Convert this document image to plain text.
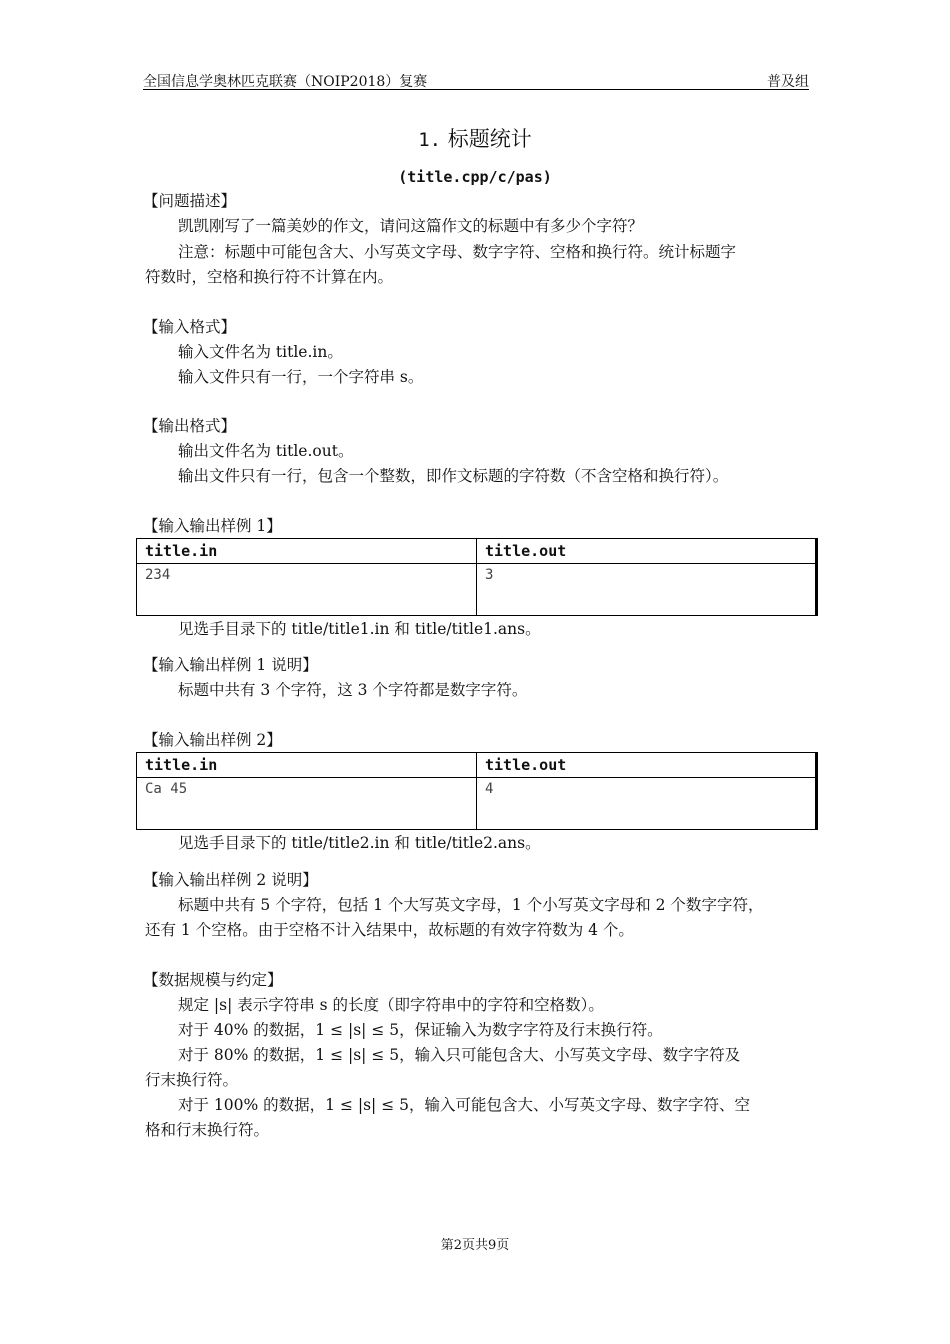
全国信息学奥林匹克联赛（NOIP2018）复赛	普及组
1. 标题统计
(title.cpp/c/pas)
【问题描述】
凯凯刚写了一篇美妙的作文，请问这篇作文的标题中有多少个字符？
注意：标题中可能包含大、小写英文字母、数字字符、空格和换行符。统计标题字
符数时，空格和换行符不计算在内。
【输入格式】
输入文件名为 title.in。
输入文件只有一行，一个字符串 s。
【输出格式】
输出文件名为 title.out。
输出文件只有一行，包含一个整数，即作文标题的字符数（不含空格和换行符）。
【输入输出样例 1】
title.in	title.out
234	3
见选手目录下的 title/title1.in 和 title/title1.ans。
【输入输出样例 1 说明】
标题中共有 3 个字符，这 3 个字符都是数字字符。
【输入输出样例 2】
title.in	title.out
Ca 45	4
见选手目录下的 title/title2.in 和 title/title2.ans。
【输入输出样例 2 说明】
标题中共有 5 个字符，包括 1 个大写英文字母，1 个小写英文字母和 2 个数字字符，
还有 1 个空格。由于空格不计入结果中，故标题的有效字符数为 4 个。
【数据规模与约定】
规定 |s| 表示字符串 s 的长度（即字符串中的字符和空格数）。
对于 40% 的数据，1 ≤ |s| ≤ 5，保证输入为数字字符及行末换行符。
对于 80% 的数据，1 ≤ |s| ≤ 5，输入只可能包含大、小写英文字母、数字字符及
行末换行符。
对于 100% 的数据，1 ≤ |s| ≤ 5，输入可能包含大、小写英文字母、数字字符、空
格和行末换行符。
第2页共9页
